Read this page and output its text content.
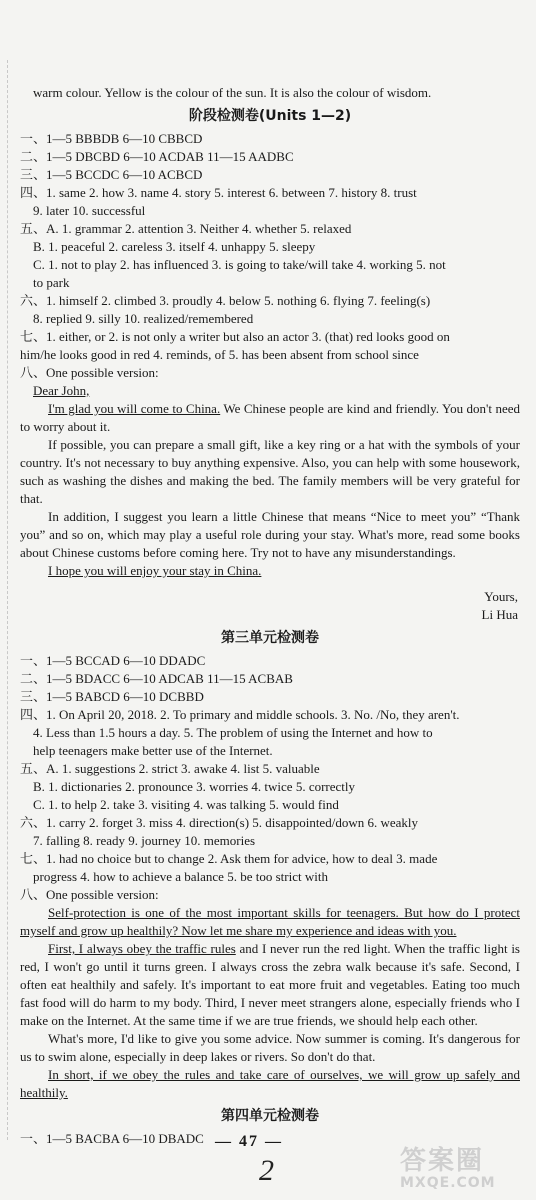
warm colour. Yellow is the colour of the sun. It is also the colour of wisdom.
阶段检测卷(Units 1—2)
一、1—5 BBBDB 6—10 CBBCD
二、1—5 DBCBD 6—10 ACDAB 11—15 AADBC
三、1—5 BCCDC 6—10 ACBCD
四、1. same 2. how 3. name 4. story 5. interest 6. between 7. history 8. trust
9. later 10. successful
五、A. 1. grammar 2. attention 3. Neither 4. whether 5. relaxed
B. 1. peaceful 2. careless 3. itself 4. unhappy 5. sleepy
C. 1. not to play 2. has influenced 3. is going to take/will take 4. working 5. not
to park
六、1. himself 2. climbed 3. proudly 4. below 5. nothing 6. flying 7. feeling(s)
8. replied 9. silly 10. realized/remembered
七、1. either, or 2. is not only a writer but also an actor 3. (that) red looks good on
him/he looks good in red 4. reminds, of 5. has been absent from school since
八、One possible version:
Dear John,
I'm glad you will come to China. We Chinese people are kind and friendly. You don't need to worry about it.
If possible, you can prepare a small gift, like a key ring or a hat with the symbols of your country. It's not necessary to buy anything expensive. Also, you can help with some housework, such as washing the dishes and making the bed. The family members will be very grateful for that.
In addition, I suggest you learn a little Chinese that means “Nice to meet you” “Thank you” and so on, which may play a useful role during your stay. What's more, read some books about Chinese customs before coming here. Try not to have any misunderstandings.
I hope you will enjoy your stay in China.
Yours,
Li Hua
第三单元检测卷
一、1—5 BCCAD 6—10 DDADC
二、1—5 BDACC 6—10 ADCAB 11—15 ACBAB
三、1—5 BABCD 6—10 DCBBD
四、1. On April 20, 2018. 2. To primary and middle schools. 3. No. /No, they aren't.
4. Less than 1.5 hours a day. 5. The problem of using the Internet and how to
help teenagers make better use of the Internet.
五、A. 1. suggestions 2. strict 3. awake 4. list 5. valuable
B. 1. dictionaries 2. pronounce 3. worries 4. twice 5. correctly
C. 1. to help 2. take 3. visiting 4. was talking 5. would find
六、1. carry 2. forget 3. miss 4. direction(s) 5. disappointed/down 6. weakly
7. falling 8. ready 9. journey 10. memories
七、1. had no choice but to change 2. Ask them for advice, how to deal 3. made
progress 4. how to achieve a balance 5. be too strict with
八、One possible version:
Self-protection is one of the most important skills for teenagers. But how do I protect myself and grow up healthily? Now let me share my experience and ideas with you.
First, I always obey the traffic rules and I never run the red light. When the traffic light is red, I won't go until it turns green. I always cross the zebra walk because it's safe. Second, I often eat healthily and safely. It's important to eat more fruit and vegetables. Eating too much fast food will do harm to my body. Third, I never meet strangers alone, especially friends who I make on the Internet. At the same time if we are true friends, we should help each other.
What's more, I'd like to give you some advice. Now summer is coming. It's dangerous for us to swim alone, especially in deep lakes or rivers. So don't do that.
In short, if we obey the rules and take care of ourselves, we will grow up safely and healthily.
第四单元检测卷
一、1—5 BACBA 6—10 DBADC — 47 —
2	答案圈
MXQE.COM
